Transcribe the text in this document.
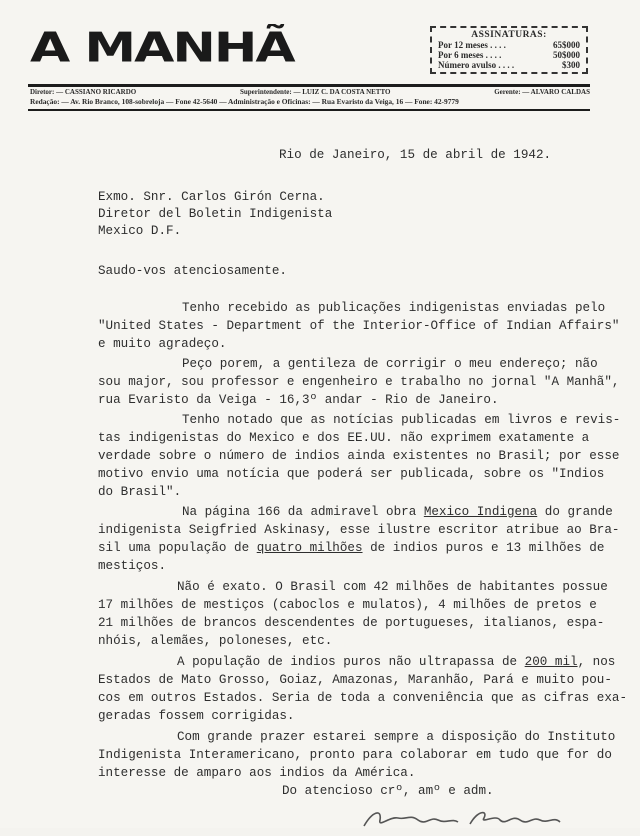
A MANHÃ	ASSINATURAS:
Por 12 meses . . . .	65$000
Por 6 meses . . . .	50$000
Número avulso . . . .	$300
Diretor: — CASSIANO RICARDO	Superintendente: — LUIZ C. DA COSTA NETTO	Gerente: — ALVARO CALDAS
Redação: — Av. Rio Branco, 108-sobreloja — Fone 42-5640 — Administração e Oficinas: — Rua Evaristo da Veiga, 16 — Fone: 42-9779
Rio de Janeiro, 15 de abril de 1942.
Exmo. Snr. Carlos Girón Cerna.
Diretor del Boletin Indigenista
Mexico D.F.
Saudo-vos atenciosamente.
Tenho recebido as publicações indigenistas enviadas pelo
"United States - Department of the Interior-Office of Indian Affairs"
e muito agradeço.
Peço porem, a gentileza de corrigir o meu endereço; não
sou major, sou professor e engenheiro e trabalho no jornal "A Manhã",
rua Evaristo da Veiga - 16,3º andar - Rio de Janeiro.
Tenho notado que as notícias publicadas em livros e revis-
tas indigenistas do Mexico e dos EE.UU. não exprimem exatamente a
verdade sobre o número de indios ainda existentes no Brasil; por esse
motivo envio uma notícia que poderá ser publicada, sobre os "Indios
do Brasil".
Na página 166 da admiravel obra Mexico Indigena do grande
indigenista Seigfried Askinasy, esse ilustre escritor atribue ao Bra-
sil uma população de quatro milhões de indios puros e 13 milhões de
mestiços.
Não é exato. O Brasil com 42 milhões de habitantes possue
17 milhões de mestiços (caboclos e mulatos), 4 milhões de pretos e
21 milhões de brancos descendentes de portugueses, italianos, espa-
nhóis, alemães, poloneses, etc.
A população de indios puros não ultrapassa de 200 mil, nos
Estados de Mato Grosso, Goiaz, Amazonas, Maranhão, Pará e muito pou-
cos em outros Estados. Seria de toda a conveniência que as cifras exa-
geradas fossem corrigidas.
Com grande prazer estarei sempre a disposição do Instituto
Indigenista Interamericano, pronto para colaborar em tudo que for do
interesse de amparo aos indios da América.
Do atencioso crº, amº e adm.
